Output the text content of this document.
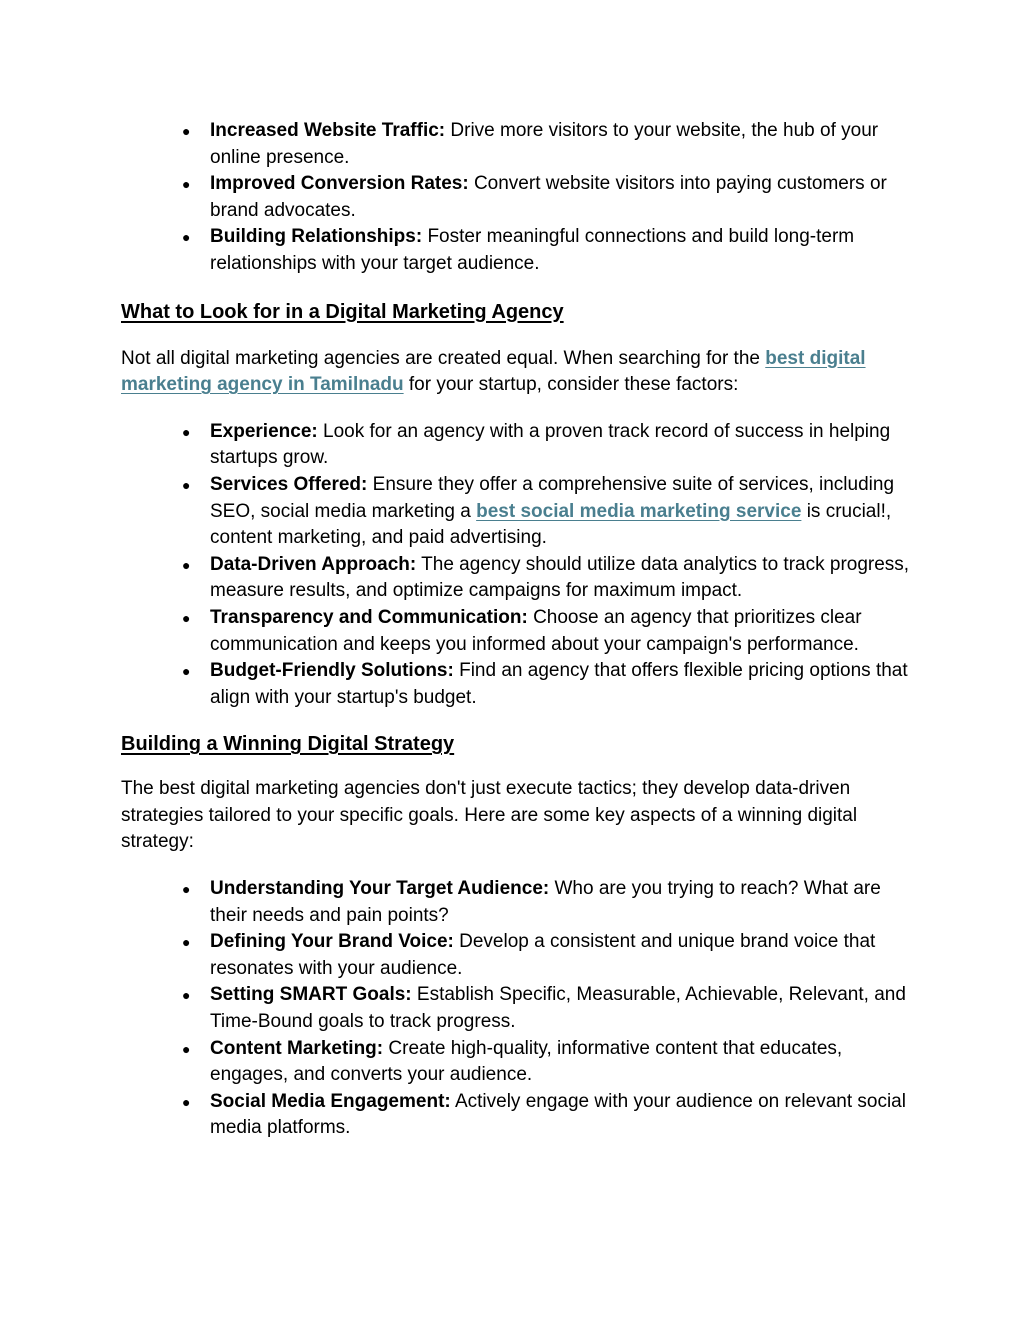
● Increased Website Traffic: Drive more visitors to your website, the hub of your online presence.
● Improved Conversion Rates: Convert website visitors into paying customers or brand advocates.
● Building Relationships: Foster meaningful connections and build long-term relationships with your target audience.
What to Look for in a Digital Marketing Agency

Not all digital marketing agencies are created equal. When searching for the best digital marketing agency in Tamilnadu for your startup, consider these factors:

● Experience: Look for an agency with a proven track record of success in helping startups grow.
● Services Offered: Ensure they offer a comprehensive suite of services, including SEO, social media marketing a best social media marketing service is crucial!, content marketing, and paid advertising.
● Data-Driven Approach: The agency should utilize data analytics to track progress, measure results, and optimize campaigns for maximum impact.
● Transparency and Communication: Choose an agency that prioritizes clear communication and keeps you informed about your campaign's performance.
● Budget-Friendly Solutions: Find an agency that offers flexible pricing options that align with your startup's budget.
Building a Winning Digital Strategy

The best digital marketing agencies don't just execute tactics; they develop data-driven strategies tailored to your specific goals. Here are some key aspects of a winning digital strategy:

● Understanding Your Target Audience: Who are you trying to reach? What are their needs and pain points?
● Defining Your Brand Voice: Develop a consistent and unique brand voice that resonates with your audience.
● Setting SMART Goals: Establish Specific, Measurable, Achievable, Relevant, and Time-Bound goals to track progress.
● Content Marketing: Create high-quality, informative content that educates, engages, and converts your audience.
● Social Media Engagement: Actively engage with your audience on relevant social media platforms.
